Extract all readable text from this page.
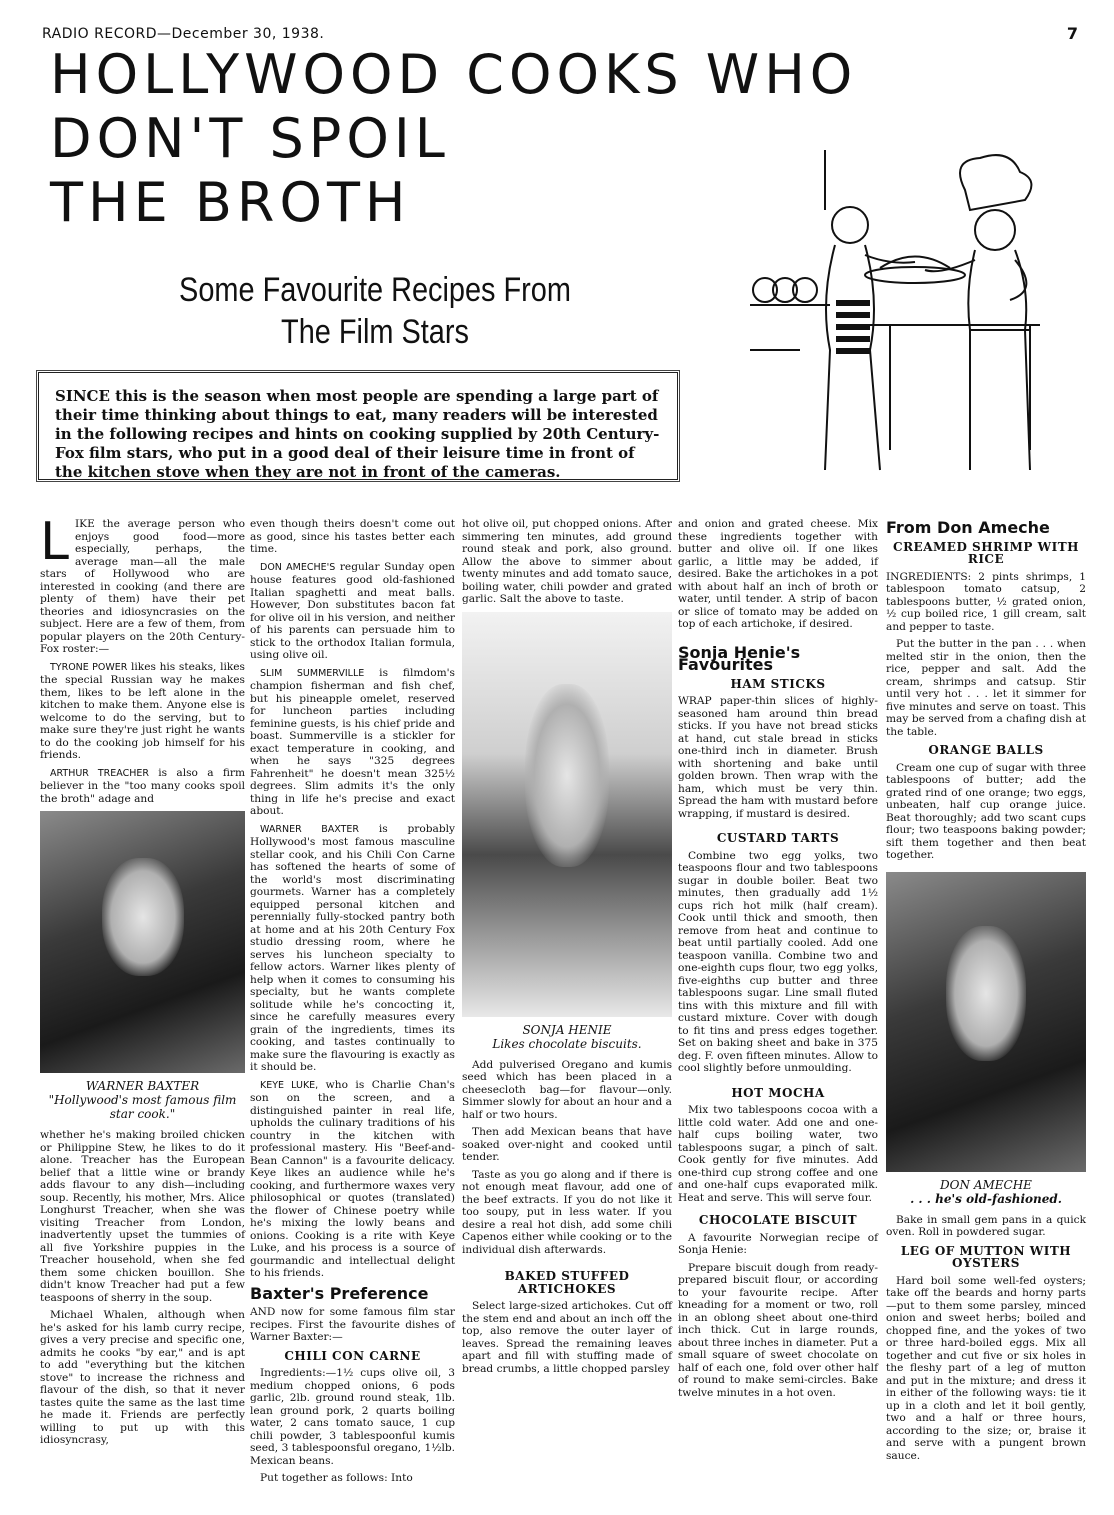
RADIO RECORD—December 30, 1938.	7
HOLLYWOOD COOKS WHO
DON'T SPOIL
THE BROTH
Some Favourite Recipes From
The Film Stars
SINCE this is the season when most people are spending a large part of their time thinking about things to eat, many readers will be interested in the following recipes and hints on cooking supplied by 20th Century-Fox film stars, who put in a good deal of their leisure time in front of the kitchen stove when they are not in front of the cameras.

LIKE the average person who enjoys good food—more especially, perhaps, the average man—all the male stars of Hollywood who are interested in cooking (and there are plenty of them) have their pet theories and idiosyncrasies on the subject. Here are a few of them, from popular players on the 20th Century-Fox roster:—

TYRONE POWER likes his steaks, likes the special Russian way he makes them, likes to be left alone in the kitchen to make them. Anyone else is welcome to do the serving, but to make sure they're just right he wants to do the cooking job himself for his friends.

ARTHUR TREACHER is also a firm believer in the "too many cooks spoil the broth" adage and

WARNER BAXTER
"Hollywood's most famous film star cook."

whether he's making broiled chicken or Philippine Stew, he likes to do it alone. Treacher has the European belief that a little wine or brandy adds flavour to any dish—including soup. Recently, his mother, Mrs. Alice Longhurst Treacher, when she was visiting Treacher from London, inadvertently upset the tummies of all five Yorkshire puppies in the Treacher household, when she fed them some chicken bouillon. She didn't know Treacher had put a few teaspoons of sherry in the soup.

Michael Whalen, although when he's asked for his lamb curry recipe, gives a very precise and specific one, admits he cooks "by ear," and is apt to add "everything but the kitchen stove" to increase the richness and flavour of the dish, so that it never tastes quite the same as the last time he made it. Friends are perfectly willing to put up with this idiosyncrasy,

even though theirs doesn't come out as good, since his tastes better each time.

DON AMECHE'S regular Sunday open house features good old-fashioned Italian spaghetti and meat balls. However, Don substitutes bacon fat for olive oil in his version, and neither of his parents can persuade him to stick to the orthodox Italian formula, using olive oil.

SLIM SUMMERVILLE is filmdom's champion fisherman and fish chef, but his pineapple omelet, reserved for luncheon parties including feminine guests, is his chief pride and boast. Summerville is a stickler for exact temperature in cooking, and when he says "325 degrees Fahrenheit" he doesn't mean 325½ degrees. Slim admits it's the only thing in life he's precise and exact about.

WARNER BAXTER is probably Hollywood's most famous masculine stellar cook, and his Chili Con Carne has softened the hearts of some of the world's most discriminating gourmets. Warner has a completely equipped personal kitchen and perennially fully-stocked pantry both at home and at his 20th Century Fox studio dressing room, where he serves his luncheon specialty to fellow actors. Warner likes plenty of help when it comes to consuming his specialty, but he wants complete solitude while he's concocting it, since he carefully measures every grain of the ingredients, times its cooking, and tastes continually to make sure the flavouring is exactly as it should be.

KEYE LUKE, who is Charlie Chan's son on the screen, and a distinguished painter in real life, upholds the culinary traditions of his country in the kitchen with professional mastery. His "Beef-and-Bean Cannon" is a favourite delicacy. Keye likes an audience while he's cooking, and furthermore waxes very philosophical or quotes (translated) the flower of Chinese poetry while he's mixing the lowly beans and onions. Cooking is a rite with Keye Luke, and his process is a source of gourmandic and intellectual delight to his friends.

Baxter's Preference

AND now for some famous film star recipes. First the favourite dishes of Warner Baxter:—

CHILI CON CARNE

Ingredients:—1½ cups olive oil, 3 medium chopped onions, 6 pods garlic, 2lb. ground round steak, 1lb. lean ground pork, 2 quarts boiling water, 2 cans tomato sauce, 1 cup chili powder, 3 tablespoonful kumis seed, 3 tablespoonsful oregano, 1½lb. Mexican beans.

Put together as follows: Into

hot olive oil, put chopped onions. After simmering ten minutes, add ground round steak and pork, also ground. Allow the above to simmer about twenty minutes and add tomato sauce, boiling water, chili powder and grated garlic. Salt the above to taste.

SONJA HENIE
Likes chocolate biscuits.

Add pulverised Oregano and kumis seed which has been placed in a cheesecloth bag—for flavour—only. Simmer slowly for about an hour and a half or two hours.

Then add Mexican beans that have soaked over-night and cooked until tender.

Taste as you go along and if there is not enough meat flavour, add one of the beef extracts. If you do not like it too soupy, put in less water. If you desire a real hot dish, add some chili Capenos either while cooking or to the individual dish afterwards.

BAKED STUFFED ARTICHOKES

Select large-sized artichokes. Cut off the stem end and about an inch off the top, also remove the outer layer of leaves. Spread the remaining leaves apart and fill with stuffing made of bread crumbs, a little chopped parsley

and onion and grated cheese. Mix these ingredients together with butter and olive oil. If one likes garlic, a little may be added, if desired. Bake the artichokes in a pot with about half an inch of broth or water, until tender. A strip of bacon or slice of tomato may be added on top of each artichoke, if desired.

Sonja Henie's Favourites
HAM STICKS

WRAP paper-thin slices of highly-seasoned ham around thin bread sticks. If you have not bread sticks at hand, cut stale bread in sticks one-third inch in diameter. Brush with shortening and bake until golden brown. Then wrap with the ham, which must be very thin. Spread the ham with mustard before wrapping, if mustard is desired.

CUSTARD TARTS

Combine two egg yolks, two teaspoons flour and two tablespoons sugar in double boiler. Beat two minutes, then gradually add 1½ cups rich hot milk (half cream). Cook until thick and smooth, then remove from heat and continue to beat until partially cooled. Add one teaspoon vanilla. Combine two and one-eighth cups flour, two egg yolks, five-eighths cup butter and three tablespoons sugar. Line small fluted tins with this mixture and fill with custard mixture. Cover with dough to fit tins and press edges together. Set on baking sheet and bake in 375 deg. F. oven fifteen minutes. Allow to cool slightly before unmoulding.

HOT MOCHA

Mix two tablespoons cocoa with a little cold water. Add one and one-half cups boiling water, two tablespoons sugar, a pinch of salt. Cook gently for five minutes. Add one-third cup strong coffee and one and one-half cups evaporated milk. Heat and serve. This will serve four.

CHOCOLATE BISCUIT

A favourite Norwegian recipe of Sonja Henie:

Prepare biscuit dough from ready-prepared biscuit flour, or according to your favourite recipe. After kneading for a moment or two, roll in an oblong sheet about one-third inch thick. Cut in large rounds, about three inches in diameter. Put a small square of sweet chocolate on half of each one, fold over other half of round to make semi-circles. Bake twelve minutes in a hot oven.

From Don Ameche
CREAMED SHRIMP WITH RICE

INGREDIENTS: 2 pints shrimps, 1 tablespoon tomato catsup, 2 tablespoons butter, ½ grated onion, ½ cup boiled rice, 1 gill cream, salt and pepper to taste.

Put the butter in the pan . . . when melted stir in the onion, then the rice, pepper and salt. Add the cream, shrimps and catsup. Stir until very hot . . . let it simmer for five minutes and serve on toast. This may be served from a chafing dish at the table.

ORANGE BALLS

Cream one cup of sugar with three tablespoons of butter; add the grated rind of one orange; two eggs, unbeaten, half cup orange juice. Beat thoroughly; add two scant cups flour; two teaspoons baking powder; sift them together and then beat together.

DON AMECHE
. . . he's old-fashioned.

Bake in small gem pans in a quick oven. Roll in powdered sugar.

LEG OF MUTTON WITH OYSTERS

Hard boil some well-fed oysters; take off the beards and horny parts—put to them some parsley, minced onion and sweet herbs; boiled and chopped fine, and the yokes of two or three hard-boiled eggs. Mix all together and cut five or six holes in the fleshy part of a leg of mutton and put in the mixture; and dress it in either of the following ways: tie it up in a cloth and let it boil gently, two and a half or three hours, according to the size; or, braise it and serve with a pungent brown sauce.
